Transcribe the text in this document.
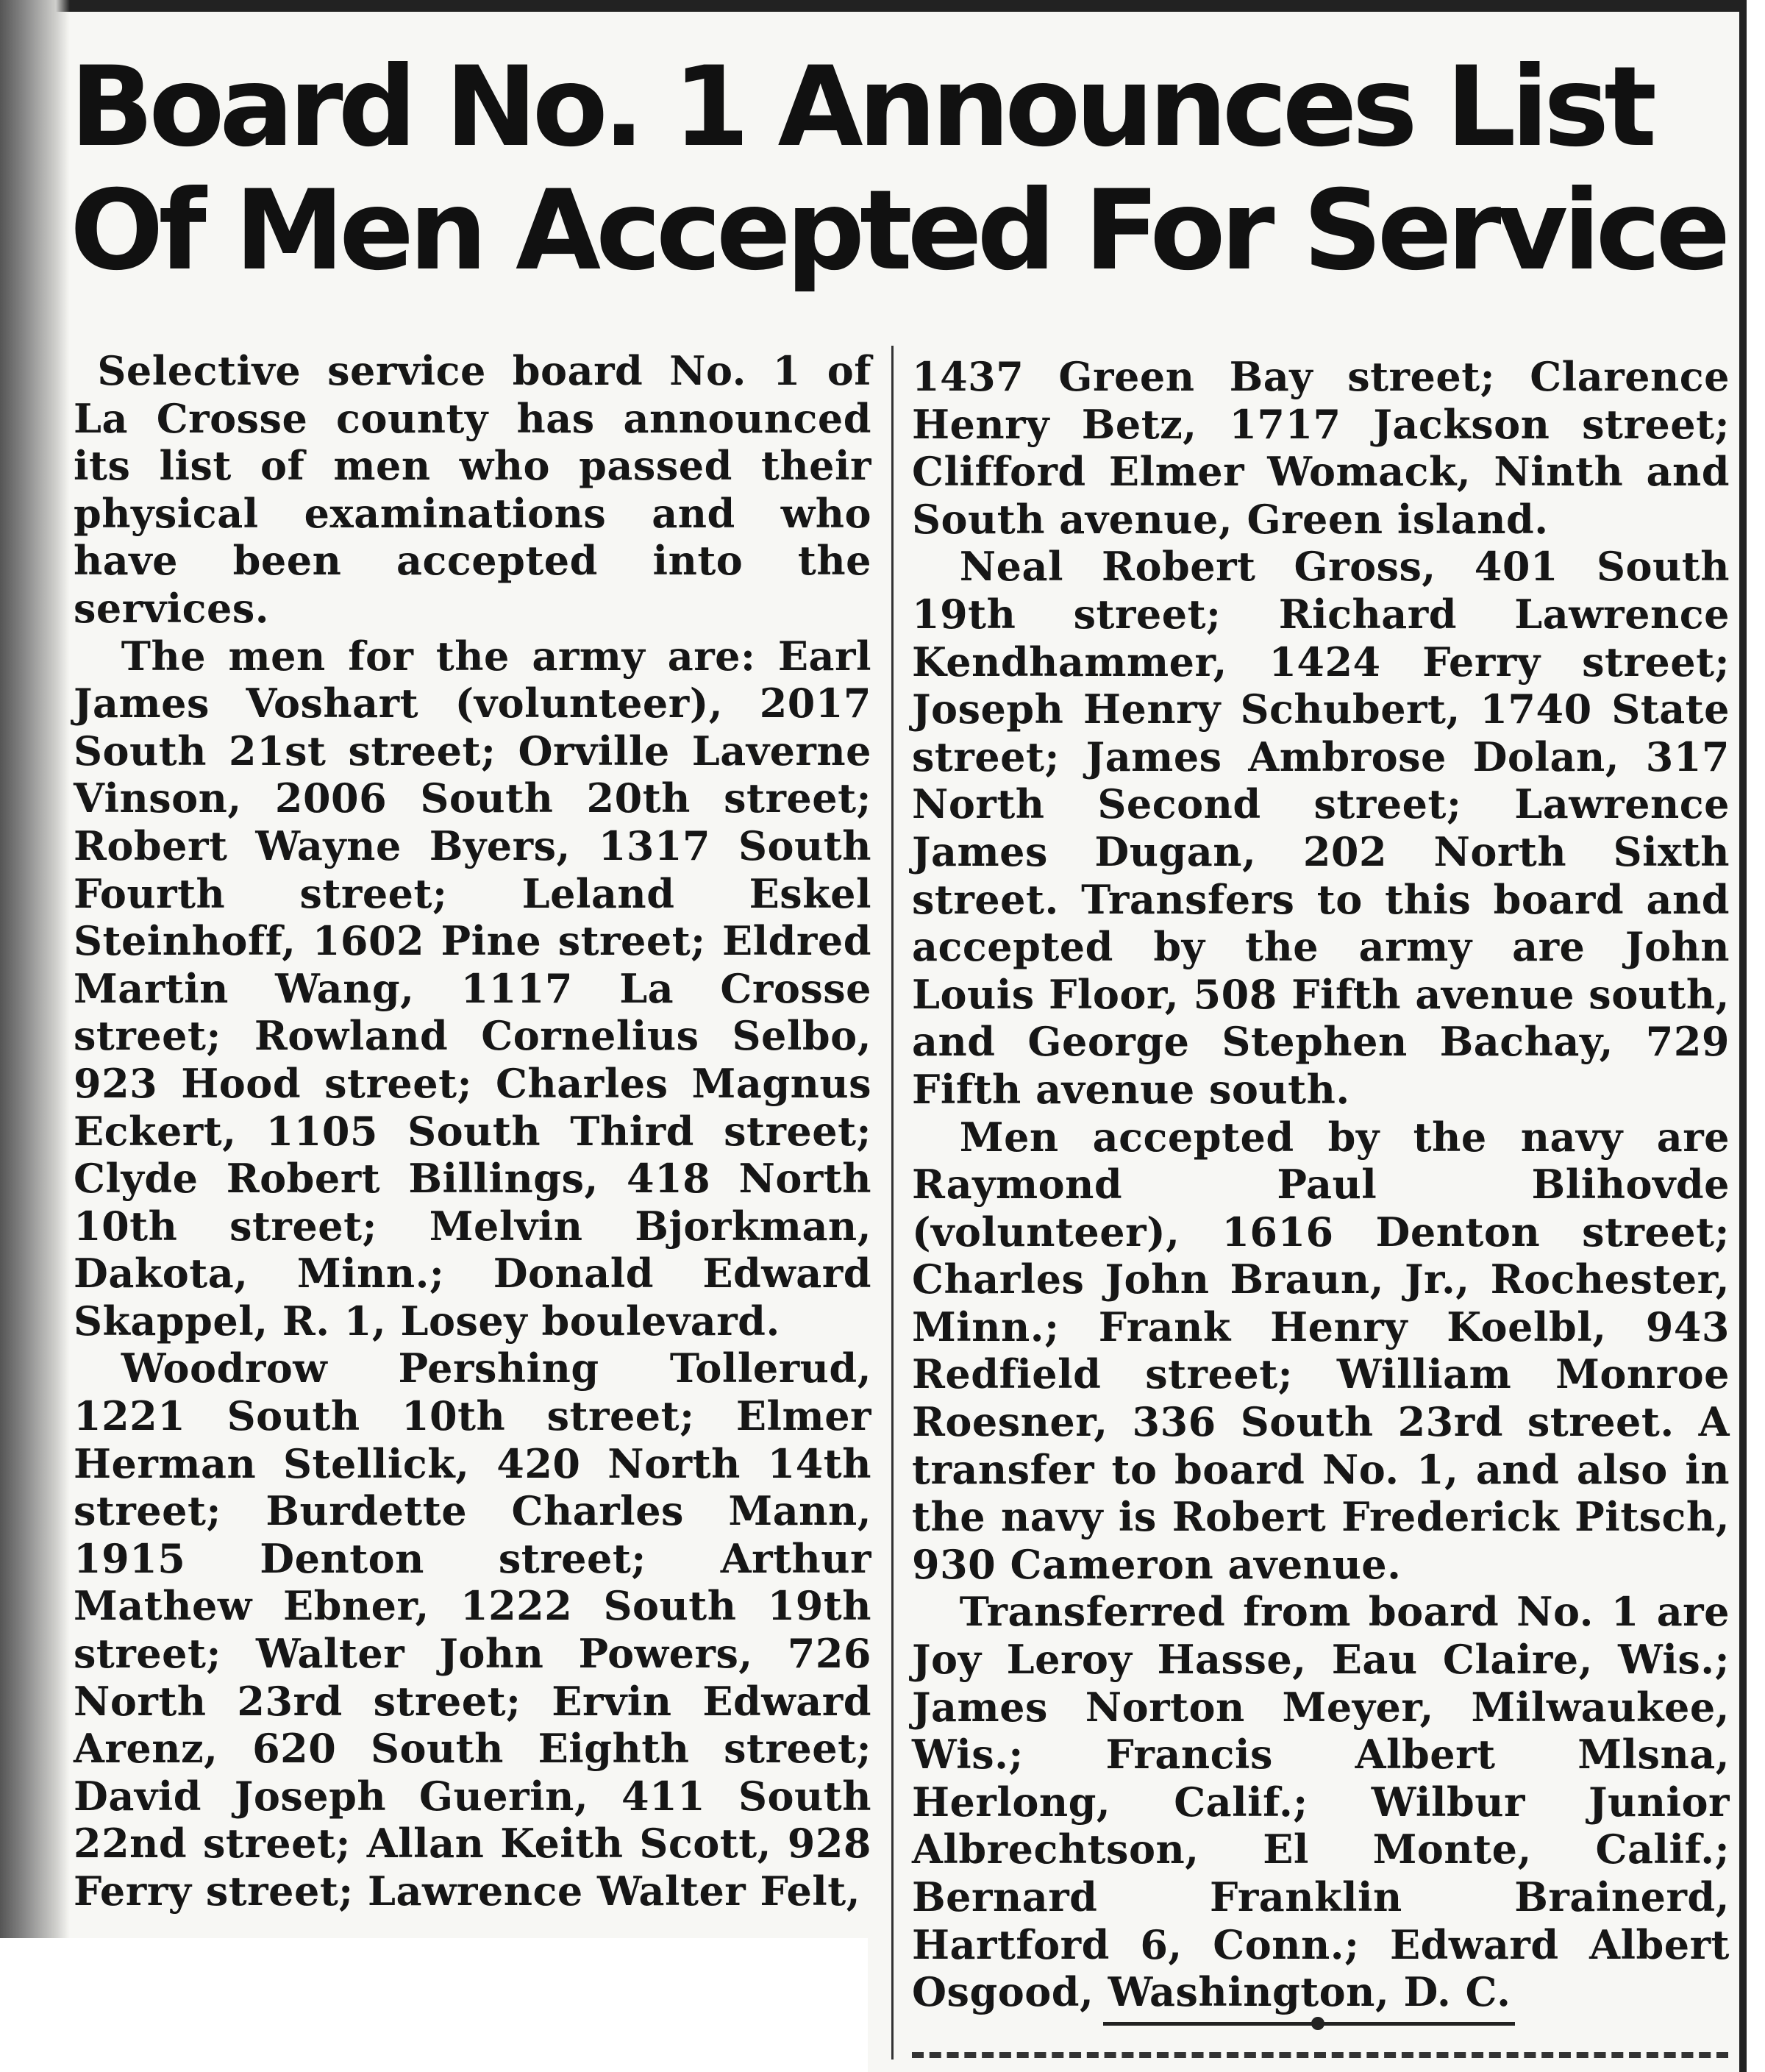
Board No. 1 Announces List
Of Men Accepted For Service

Selective service board No. 1 of La Crosse county has announced its list of men who passed their physical examinations and who have been accepted into the services.

The men for the army are: Earl James Voshart (volunteer), 2017 South 21st street; Orville Laverne Vinson, 2006 South 20th street; Robert Wayne Byers, 1317 South Fourth street; Leland Eskel Steinhoff, 1602 Pine street; Eldred Martin Wang, 1117 La Crosse street; Rowland Cornelius Selbo, 923 Hood street; Charles Magnus Eckert, 1105 South Third street; Clyde Robert Billings, 418 North 10th street; Melvin Bjorkman, Dakota, Minn.; Donald Edward Skappel, R. 1, Losey boulevard.

Woodrow Pershing Tollerud, 1221 South 10th street; Elmer Herman Stellick, 420 North 14th street; Burdette Charles Mann, 1915 Denton street; Arthur Mathew Ebner, 1222 South 19th street; Walter John Powers, 726 North 23rd street; Ervin Edward Arenz, 620 South Eighth street; David Joseph Guerin, 411 South 22nd street; Allan Keith Scott, 928 Ferry street; Lawrence Walter Felt,

1437 Green Bay street; Clarence Henry Betz, 1717 Jackson street; Clifford Elmer Womack, Ninth and South avenue, Green island.

Neal Robert Gross, 401 South 19th street; Richard Lawrence Kendhammer, 1424 Ferry street; Joseph Henry Schubert, 1740 State street; James Ambrose Dolan, 317 North Second street; Lawrence James Dugan, 202 North Sixth street. Transfers to this board and accepted by the army are John Louis Floor, 508 Fifth avenue south, and George Stephen Bachay, 729 Fifth avenue south.

Men accepted by the navy are Raymond Paul Blihovde (volunteer), 1616 Denton street; Charles John Braun, Jr., Rochester, Minn.; Frank Henry Koelbl, 943 Redfield street; William Monroe Roesner, 336 South 23rd street. A transfer to board No. 1, and also in the navy is Robert Frederick Pitsch, 930 Cameron avenue.

Transferred from board No. 1 are Joy Leroy Hasse, Eau Claire, Wis.; James Norton Meyer, Milwaukee, Wis.; Francis Albert Mlsna, Herlong, Calif.; Wilbur Junior Albrechtson, El Monte, Calif.; Bernard Franklin Brainerd, Hartford 6, Conn.; Edward Albert Osgood, Washington, D. C.
